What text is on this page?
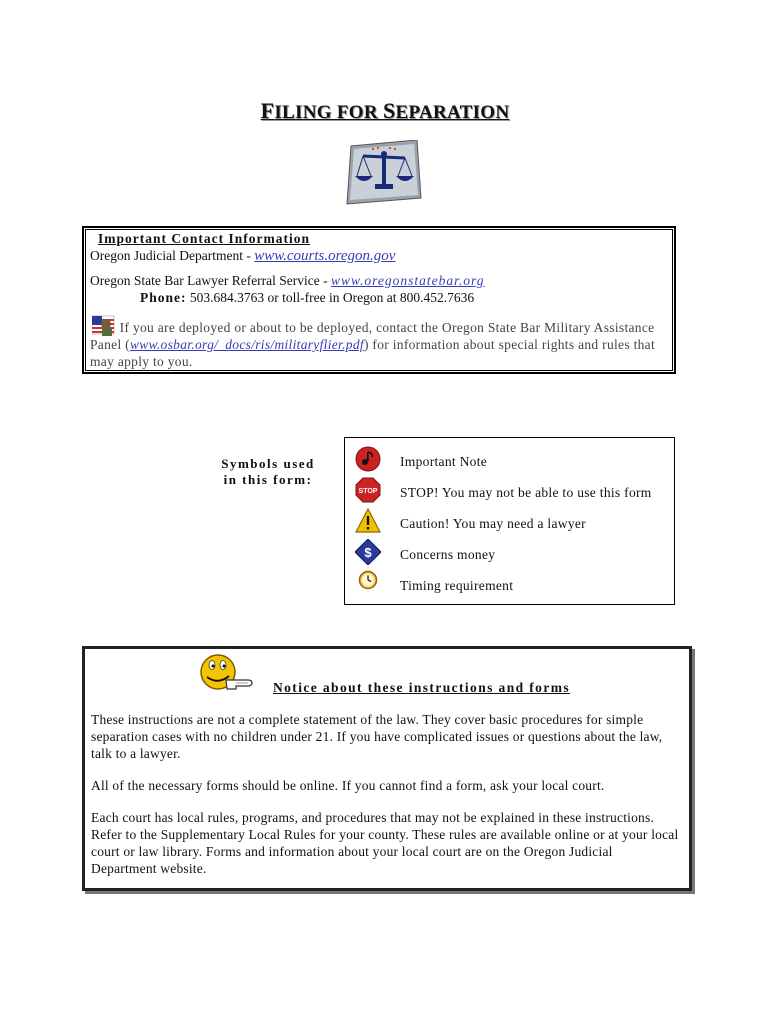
FILING FOR SEPARATION
Important Contact Information
Oregon Judicial Department - www.courts.oregon.gov
Oregon State Bar Lawyer Referral Service - www.oregonstatebar.org
Phone: 503.684.3763 or toll-free in Oregon at 800.452.7636
If you are deployed or about to be deployed, contact the Oregon State Bar Military Assistance Panel (www.osbar.org/_docs/ris/militaryflier.pdf) for information about special rights and rules that may apply to you.
Symbols used
in this form:
Important Note
STOP STOP! You may not be able to use this form
Caution! You may need a lawyer
$ Concerns money
Timing requirement
Notice about these instructions and forms

These instructions are not a complete statement of the law. They cover basic procedures for simple separation cases with no children under 21. If you have complicated issues or questions about the law, talk to a lawyer.

All of the necessary forms should be online. If you cannot find a form, ask your local court.

Each court has local rules, programs, and procedures that may not be explained in these instructions. Refer to the Supplementary Local Rules for your county. These rules are available online or at your local court or law library. Forms and information about your local court are on the Oregon Judicial Department website.
